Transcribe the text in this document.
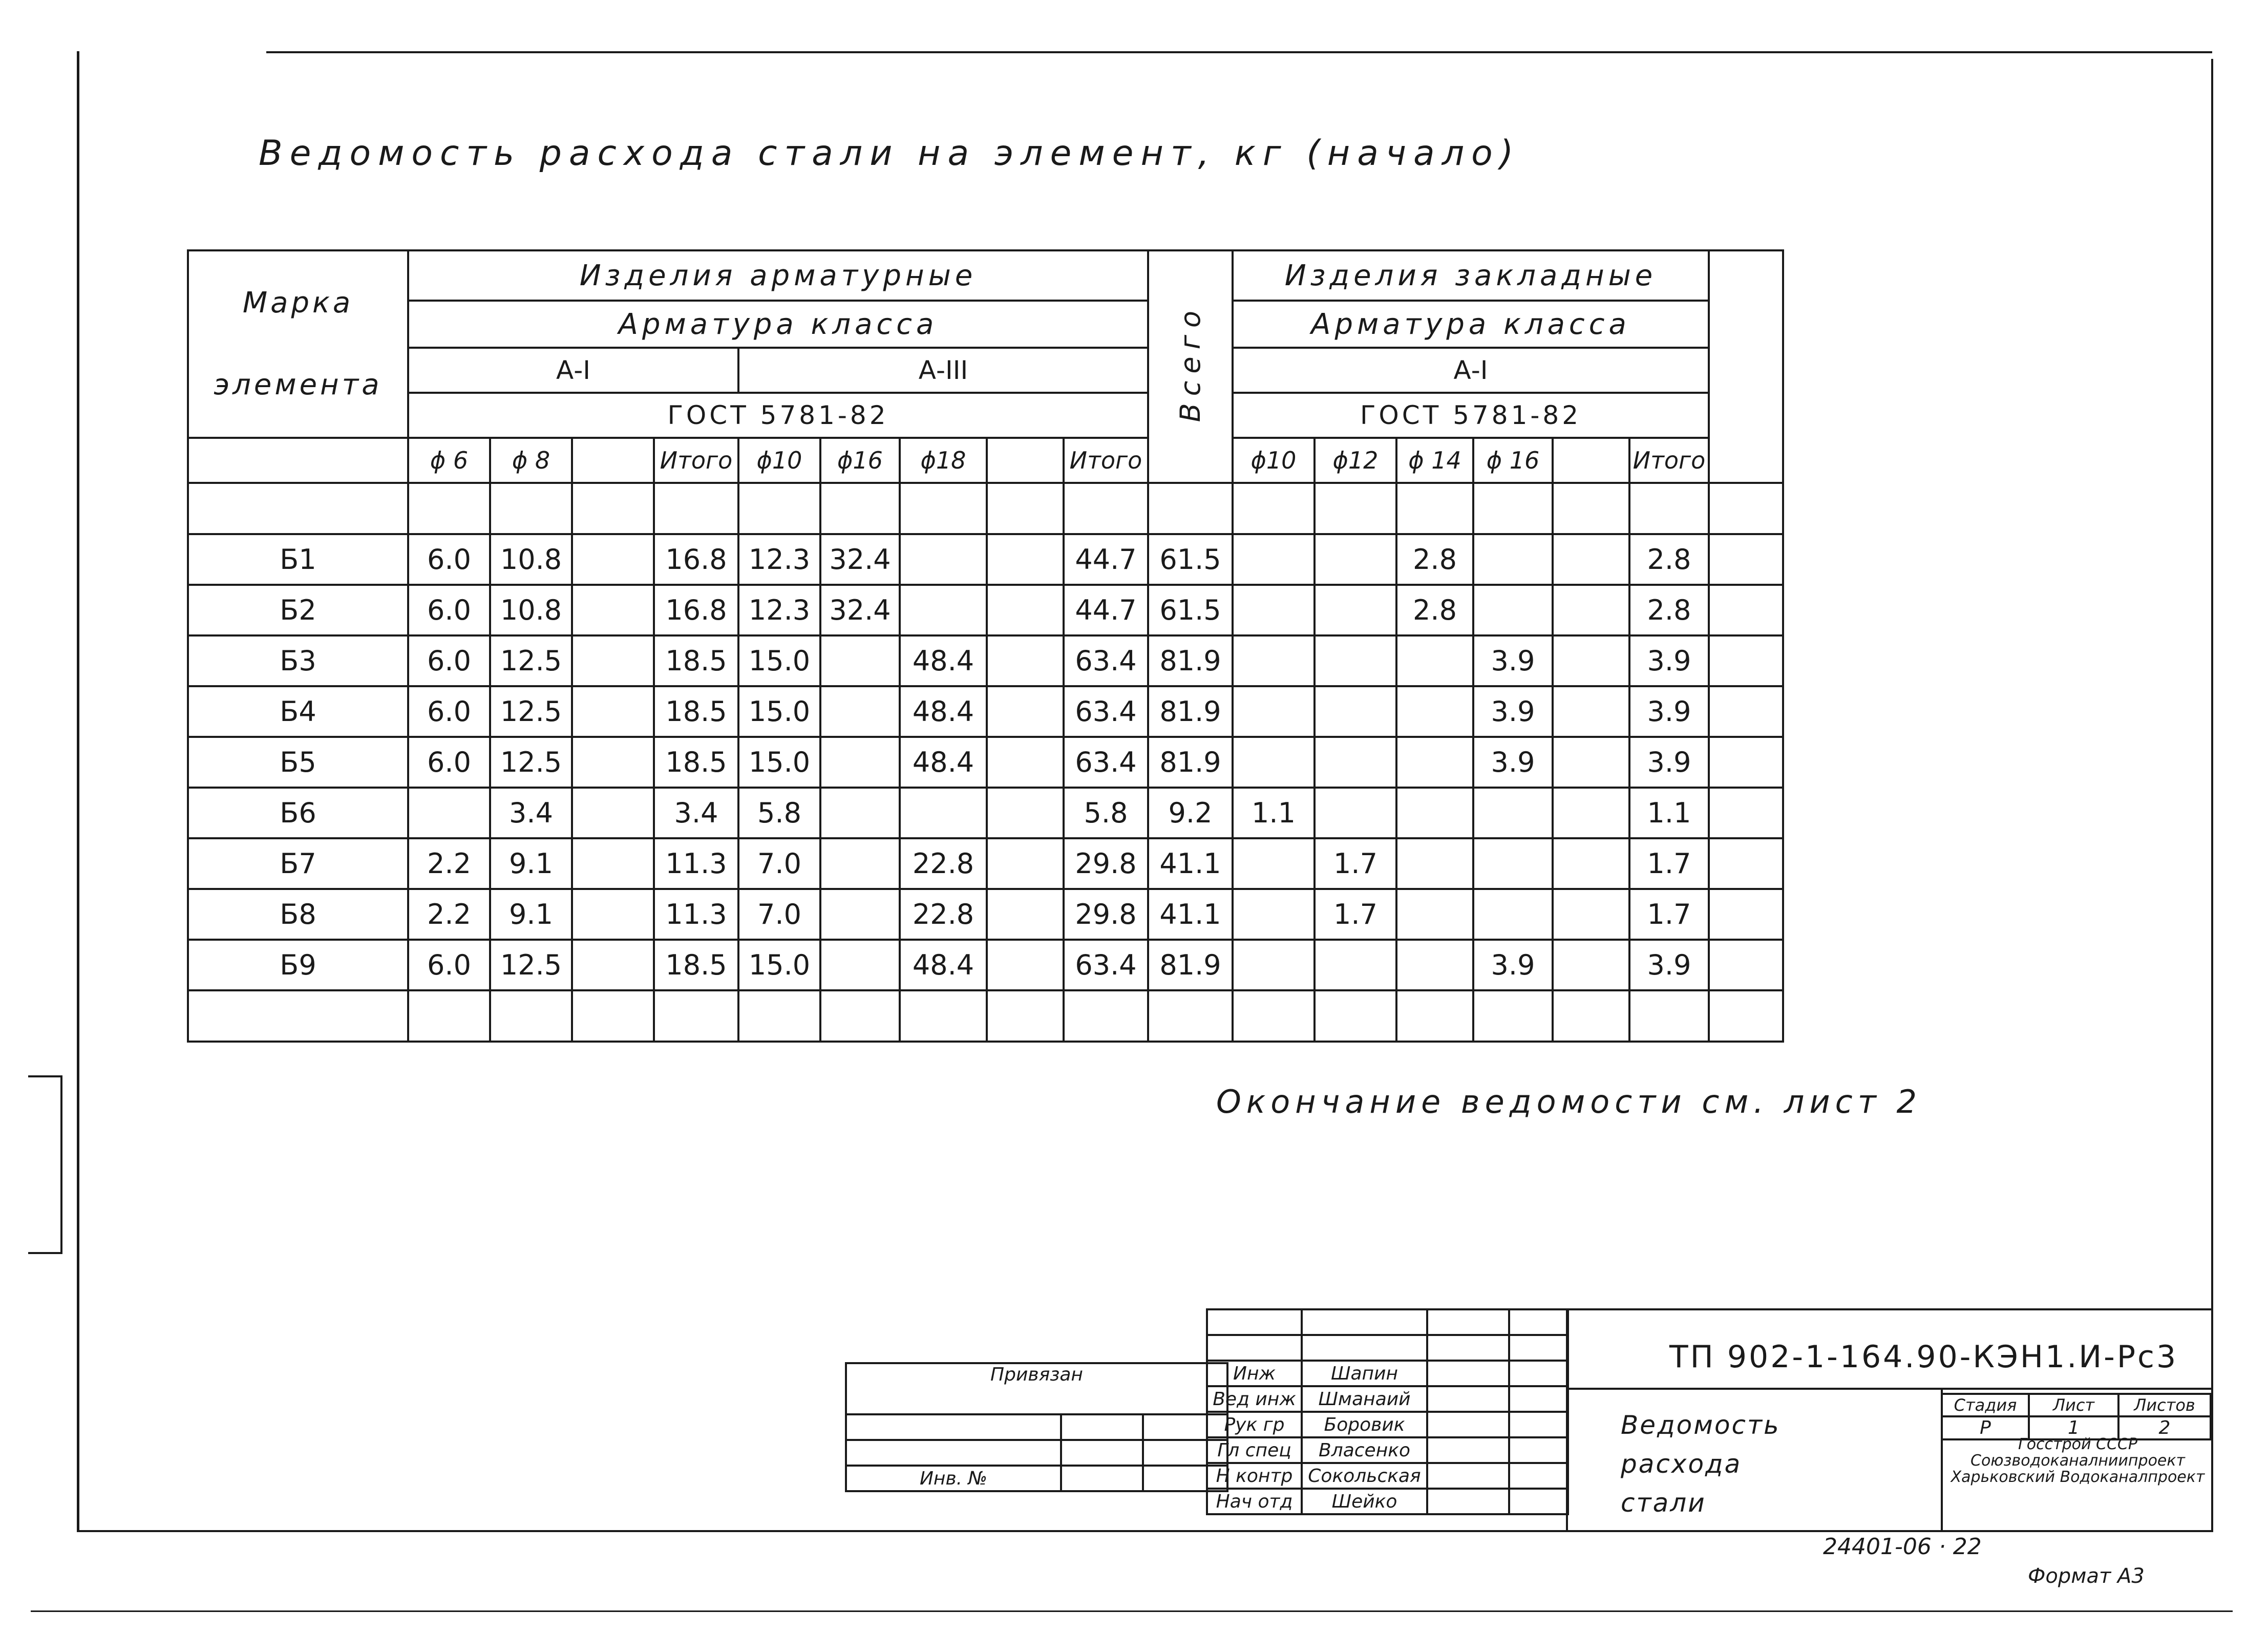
Ведомость расхода стали на элемент, кг (начало)
Марка элемента	Изделия арматурные									Всего	Изделия закладные						
	Арматура класса										Арматура класса						
	А-I				А-III						А-I						
	ГОСТ 5781-82										ГОСТ 5781-82						
	ϕ 6	ϕ 8		Итого	ϕ10	ϕ16	ϕ18		Итого		ϕ10	ϕ12	ϕ 14	ϕ 16		Итого	

Б1	6.0	10.8		16.8	12.3	32.4			44.7	61.5			2.8			2.8	
Б2	6.0	10.8		16.8	12.3	32.4			44.7	61.5			2.8			2.8	
Б3	6.0	12.5		18.5	15.0		48.4		63.4	81.9				3.9		3.9	
Б4	6.0	12.5		18.5	15.0		48.4		63.4	81.9				3.9		3.9	
Б5	6.0	12.5		18.5	15.0		48.4		63.4	81.9				3.9		3.9	
Б6		3.4		3.4	5.8				5.8	9.2	1.1					1.1	
Б7	2.2	9.1		11.3	7.0		22.8		29.8	41.1		1.7				1.7	
Б8	2.2	9.1		11.3	7.0		22.8		29.8	41.1		1.7				1.7	
Б9	6.0	12.5		18.5	15.0		48.4		63.4	81.9				3.9		3.9	

Окончание ведомости см. лист 2
Привязан		

Инв. №		

Инж	Шапин		
Вед инж	Шманаий		
Рук гр	Боровик		
Гл спец	Власенко		
Н контр	Сокольская		
Нач отд	Шейко		
ТП 902-1-164.90-КЭН1.И-Рс3
Ведомость
расхода
стали
Стадия	Лист	Листов
Р	1	2
Госстрой СССР Союзводоканалниипроект Харьковский Водоканалпроект
24401-06 · 22
Формат А3
